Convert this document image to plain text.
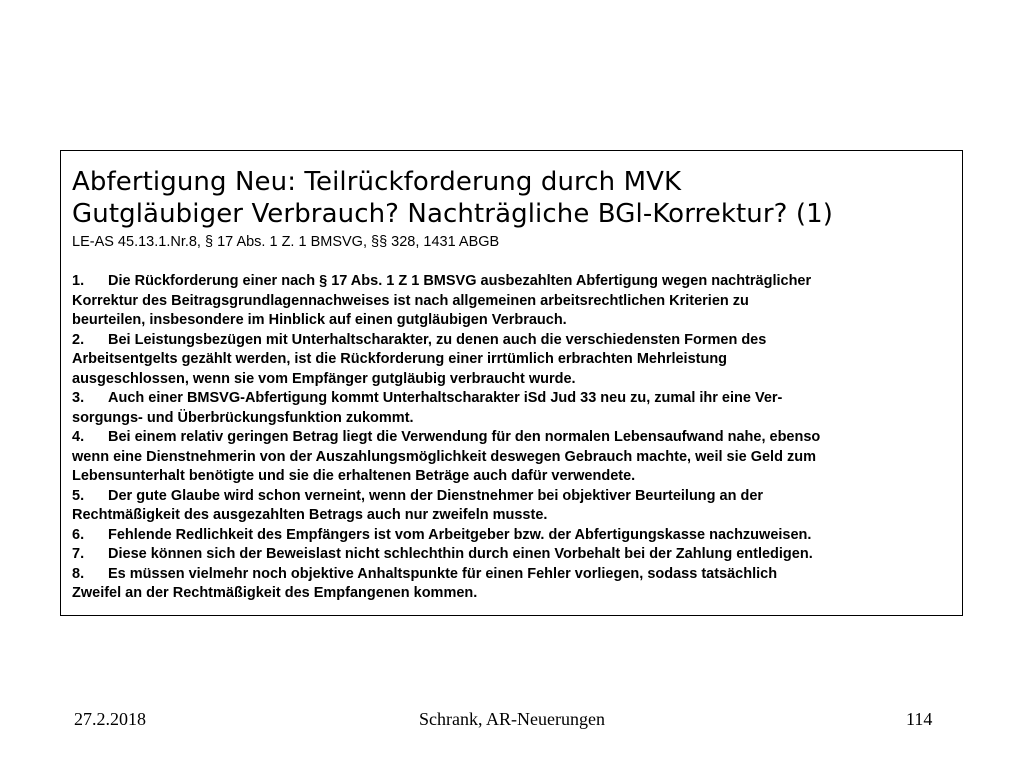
Abfertigung Neu: Teilrückforderung durch MVK
Gutgläubiger Verbrauch? Nachträgliche BGl-Korrektur? (1)
LE-AS 45.13.1.Nr.8, § 17 Abs. 1 Z. 1 BMSVG, §§ 328, 1431 ABGB
1. Die Rückforderung einer nach § 17 Abs. 1 Z 1 BMSVG ausbezahlten Abfertigung wegen nachträglicher
Korrektur des Beitragsgrundlagennachweises ist nach allgemeinen arbeitsrechtlichen Kriterien zu
beurteilen, insbesondere im Hinblick auf einen gutgläubigen Verbrauch.
2. Bei Leistungsbezügen mit Unterhaltscharakter, zu denen auch die verschiedensten Formen des
Arbeitsentgelts gezählt werden, ist die Rückforderung einer irrtümlich erbrachten Mehrleistung
ausgeschlossen, wenn sie vom Empfänger gutgläubig verbraucht wurde.
3. Auch einer BMSVG-Abfertigung kommt Unterhaltscharakter iSd Jud 33 neu zu, zumal ihr eine Ver-
sorgungs- und Überbrückungsfunktion zukommt.
4. Bei einem relativ geringen Betrag liegt die Verwendung für den normalen Lebensaufwand nahe, ebenso
wenn eine Dienstnehmerin von der Auszahlungsmöglichkeit deswegen Gebrauch machte, weil sie Geld zum
Lebensunterhalt benötigte und sie die erhaltenen Beträge auch dafür verwendete.
5. Der gute Glaube wird schon verneint, wenn der Dienstnehmer bei objektiver Beurteilung an der
Rechtmäßigkeit des ausgezahlten Betrags auch nur zweifeln musste.
6. Fehlende Redlichkeit des Empfängers ist vom Arbeitgeber bzw. der Abfertigungskasse nachzuweisen.
7. Diese können sich der Beweislast nicht schlechthin durch einen Vorbehalt bei der Zahlung entledigen.
8. Es müssen vielmehr noch objektive Anhaltspunkte für einen Fehler vorliegen, sodass tatsächlich
Zweifel an der Rechtmäßigkeit des Empfangenen kommen.
27.2.2018	Schrank, AR-Neuerungen	114
